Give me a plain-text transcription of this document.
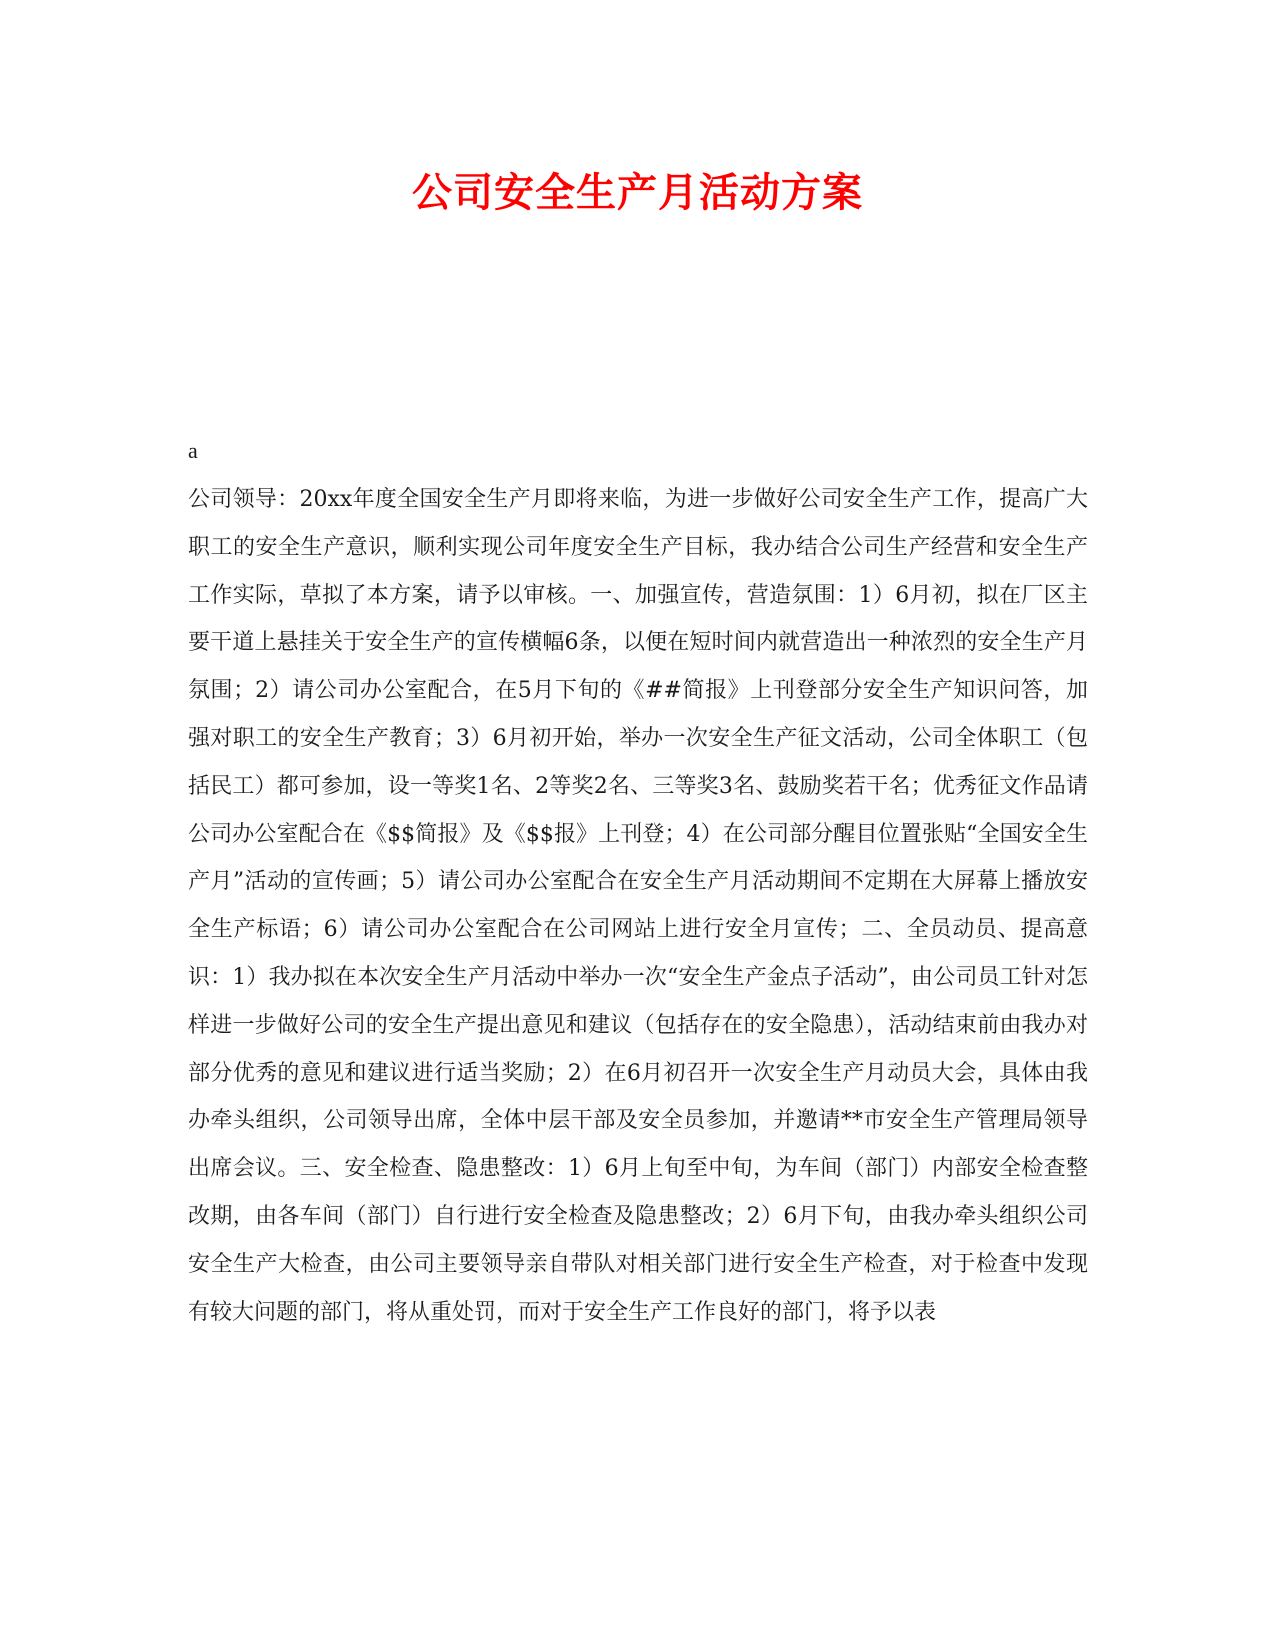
公司安全生产月活动方案

a

公司领导：20xx年度全国安全生产月即将来临，为进一步做好公司安全生产工作，提高广大职工的安全生产意识，顺利实现公司年度安全生产目标，我办结合公司生产经营和安全生产工作实际，草拟了本方案，请予以审核。一、加强宣传，营造氛围：1）6月初，拟在厂区主要干道上悬挂关于安全生产的宣传横幅6条，以便在短时间内就营造出一种浓烈的安全生产月氛围；2）请公司办公室配合，在5月下旬的《##简报》上刊登部分安全生产知识问答，加强对职工的安全生产教育；3）6月初开始，举办一次安全生产征文活动，公司全体职工（包括民工）都可参加，设一等奖1名、2等奖2名、三等奖3名、鼓励奖若干名；优秀征文作品请公司办公室配合在《$$简报》及《$$报》上刊登；4）在公司部分醒目位置张贴“全国安全生产月”活动的宣传画；5）请公司办公室配合在安全生产月活动期间不定期在大屏幕上播放安全生产标语；6）请公司办公室配合在公司网站上进行安全月宣传；二、全员动员、提高意识：1）我办拟在本次安全生产月活动中举办一次“安全生产金点子活动”，由公司员工针对怎样进一步做好公司的安全生产提出意见和建议（包括存在的安全隐患），活动结束前由我办对部分优秀的意见和建议进行适当奖励；2）在6月初召开一次安全生产月动员大会，具体由我办牵头组织，公司领导出席，全体中层干部及安全员参加，并邀请**市安全生产管理局领导出席会议。三、安全检查、隐患整改：1）6月上旬至中旬，为车间（部门）内部安全检查整改期，由各车间（部门）自行进行安全检查及隐患整改；2）6月下旬，由我办牵头组织公司安全生产大检查，由公司主要领导亲自带队对相关部门进行安全生产检查，对于检查中发现有较大问题的部门，将从重处罚，而对于安全生产工作良好的部门，将予以表
